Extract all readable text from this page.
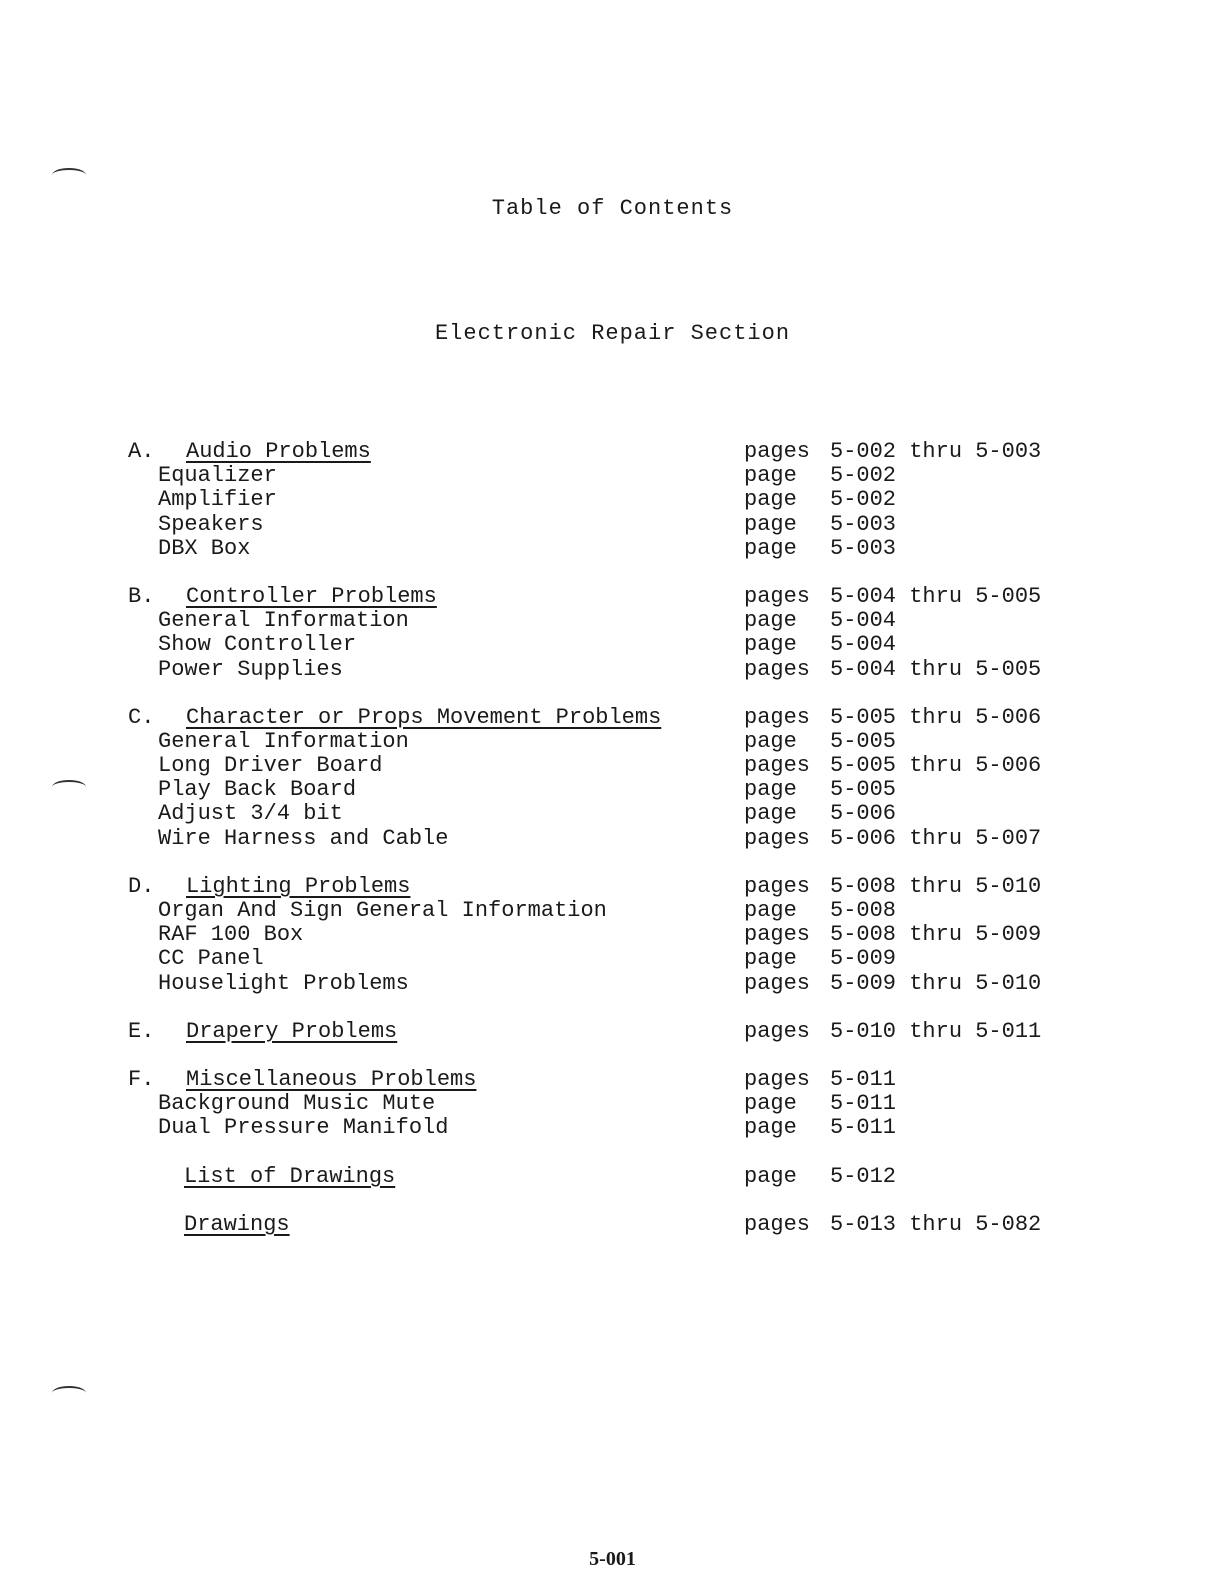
Table of Contents
Electronic Repair Section
A. Audio Problems	pages 5-002 thru 5-003
Equalizer	page 5-002
Amplifier	page 5-002
Speakers	page 5-003
DBX Box	page 5-003
B. Controller Problems	pages 5-004 thru 5-005
General Information	page 5-004
Show Controller	page 5-004
Power Supplies	pages 5-004 thru 5-005
C. Character or Props Movement Problems	pages 5-005 thru 5-006
General Information	page 5-005
Long Driver Board	pages 5-005 thru 5-006
Play Back Board	page 5-005
Adjust 3/4 bit	page 5-006
Wire Harness and Cable	pages 5-006 thru 5-007
D. Lighting Problems	pages 5-008 thru 5-010
Organ And Sign General Information	page 5-008
RAF 100 Box	pages 5-008 thru 5-009
CC Panel	page 5-009
Houselight Problems	pages 5-009 thru 5-010
E. Drapery Problems	pages 5-010 thru 5-011
F. Miscellaneous Problems	pages 5-011
Background Music Mute	page 5-011
Dual Pressure Manifold	page 5-011
List of Drawings	page 5-012
Drawings	pages 5-013 thru 5-082
5-001
